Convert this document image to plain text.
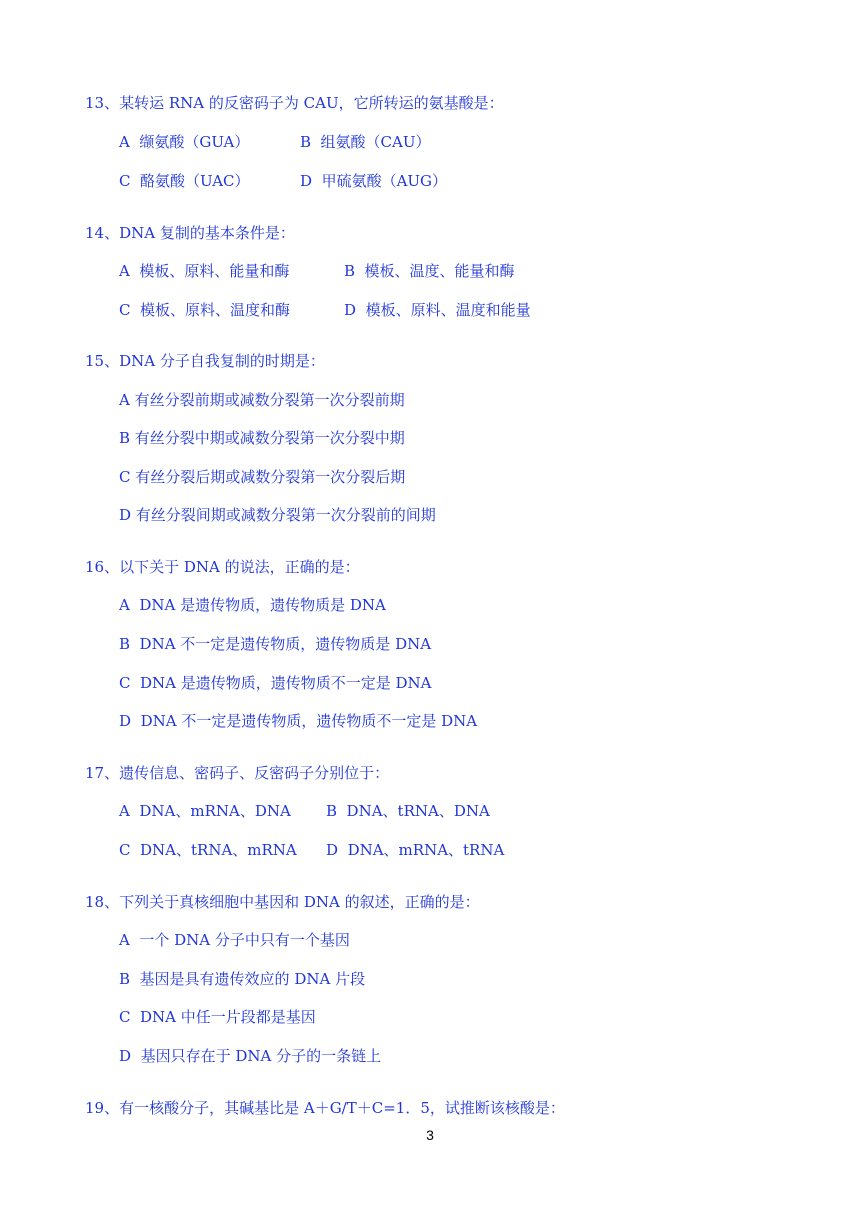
13、某转运 RNA 的反密码子为 CAU，它所转运的氨基酸是：
A  缬氨酸（GUA）	B  组氨酸（CAU）
C  酪氨酸（UAC）	D  甲硫氨酸（AUG）
14、DNA 复制的基本条件是：
A  模板、原料、能量和酶	B  模板、温度、能量和酶
C  模板、原料、温度和酶	D  模板、原料、温度和能量
15、DNA 分子自我复制的时期是：
A 有丝分裂前期或减数分裂第一次分裂前期
B 有丝分裂中期或减数分裂第一次分裂中期
C 有丝分裂后期或减数分裂第一次分裂后期
D 有丝分裂间期或减数分裂第一次分裂前的间期
16、以下关于 DNA 的说法，正确的是：
A  DNA 是遗传物质，遗传物质是 DNA
B  DNA 不一定是遗传物质，遗传物质是 DNA
C  DNA 是遗传物质，遗传物质不一定是 DNA
D  DNA 不一定是遗传物质，遗传物质不一定是 DNA
17、遗传信息、密码子、反密码子分别位于：
A  DNA、mRNA、DNA B  DNA、tRNA、DNA
C  DNA、tRNA、mRNA D  DNA、mRNA、tRNA
18、下列关于真核细胞中基因和 DNA 的叙述，正确的是：
A  一个 DNA 分子中只有一个基因
B  基因是具有遗传效应的 DNA 片段
C  DNA 中任一片段都是基因
D  基因只存在于 DNA 分子的一条链上
19、有一核酸分子，其碱基比是 A＋G/T＋C=1．5，试推断该核酸是：
3
